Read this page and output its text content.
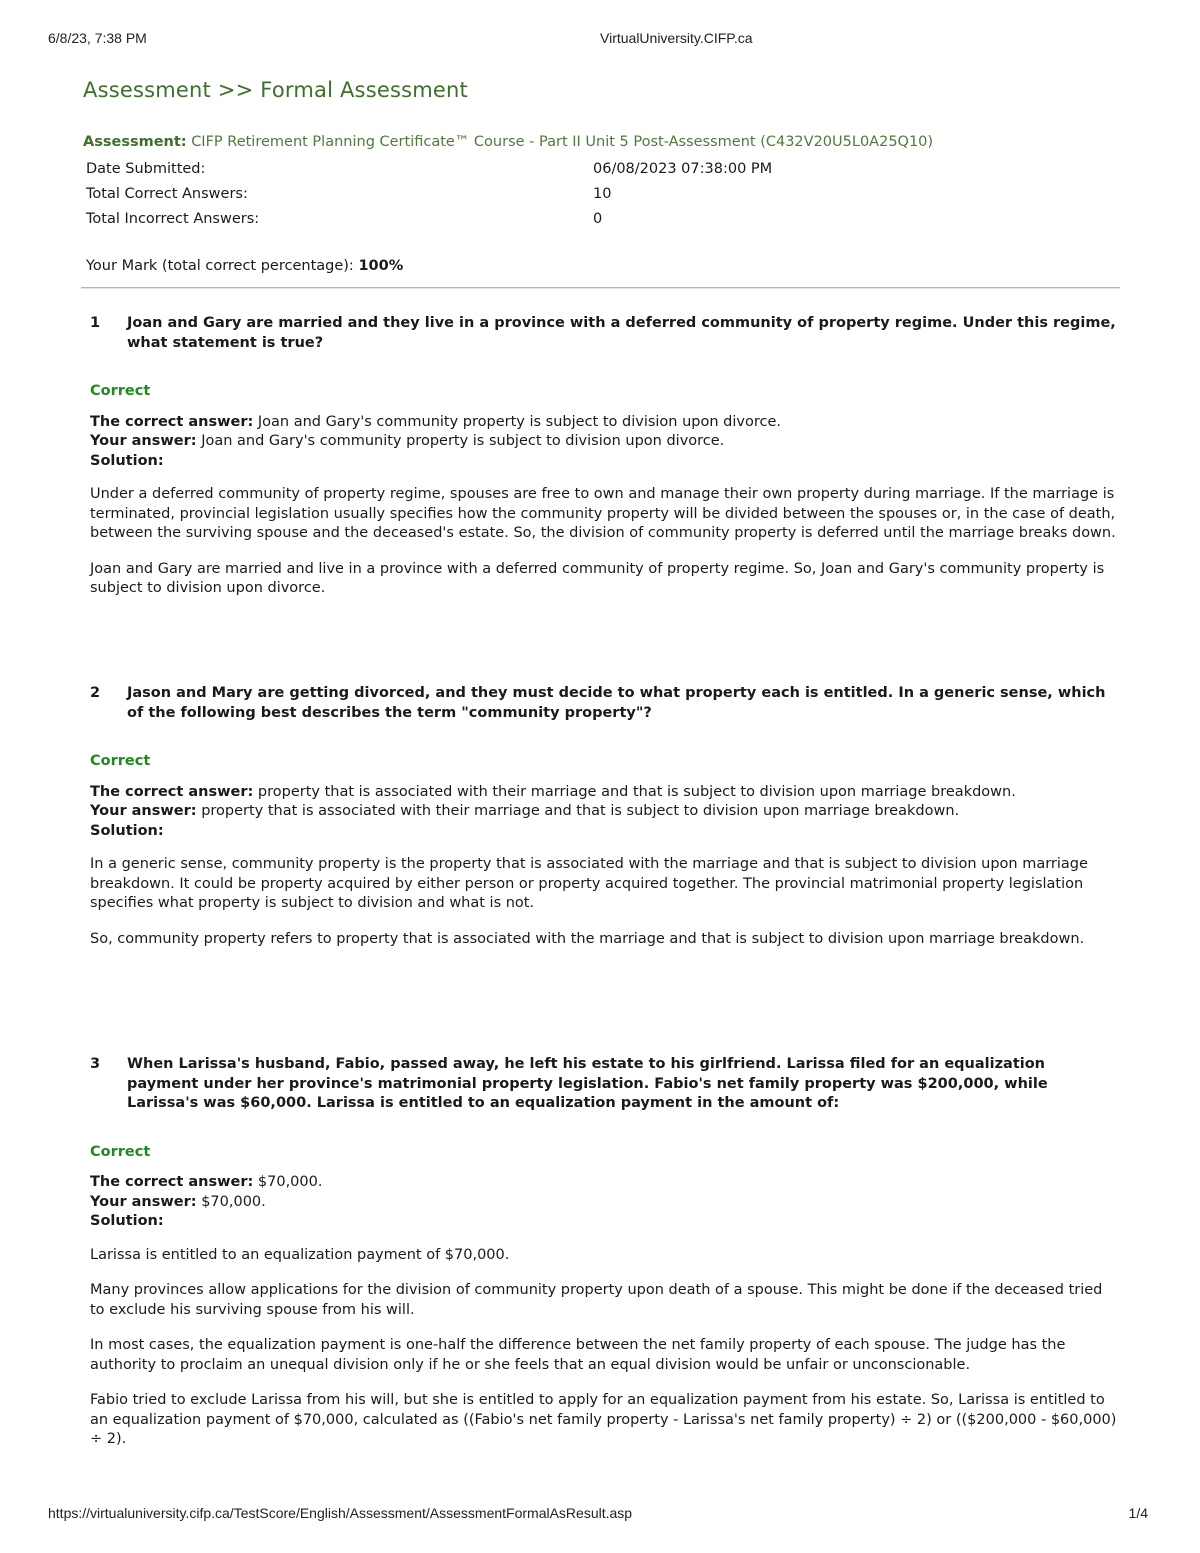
6/8/23, 7:38 PM	VirtualUniversity.CIFP.ca
Assessment >> Formal Assessment
Assessment: CIFP Retirement Planning Certificate™ Course - Part II Unit 5 Post-Assessment (C432V20U5L0A25Q10)
Date Submitted:	06/08/2023 07:38:00 PM
Total Correct Answers:	10
Total Incorrect Answers:	0
Your Mark (total correct percentage): 100%
1 Joan and Gary are married and they live in a province with a deferred community of property regime. Under this regime, what statement is true?
Correct
The correct answer: Joan and Gary's community property is subject to division upon divorce.
Your answer: Joan and Gary's community property is subject to division upon divorce.
Solution:

Under a deferred community of property regime, spouses are free to own and manage their own property during marriage. If the marriage is terminated, provincial legislation usually specifies how the community property will be divided between the spouses or, in the case of death, between the surviving spouse and the deceased's estate. So, the division of community property is deferred until the marriage breaks down.

Joan and Gary are married and live in a province with a deferred community of property regime. So, Joan and Gary's community property is subject to division upon divorce.

2 Jason and Mary are getting divorced, and they must decide to what property each is entitled. In a generic sense, which of the following best describes the term "community property"?
Correct
The correct answer: property that is associated with their marriage and that is subject to division upon marriage breakdown.
Your answer: property that is associated with their marriage and that is subject to division upon marriage breakdown.
Solution:

In a generic sense, community property is the property that is associated with the marriage and that is subject to division upon marriage breakdown. It could be property acquired by either person or property acquired together. The provincial matrimonial property legislation specifies what property is subject to division and what is not.

So, community property refers to property that is associated with the marriage and that is subject to division upon marriage breakdown.

3 When Larissa's husband, Fabio, passed away, he left his estate to his girlfriend. Larissa filed for an equalization payment under her province's matrimonial property legislation. Fabio's net family property was $200,000, while Larissa's was $60,000. Larissa is entitled to an equalization payment in the amount of:
Correct
The correct answer: $70,000.
Your answer: $70,000.
Solution:

Larissa is entitled to an equalization payment of $70,000.

Many provinces allow applications for the division of community property upon death of a spouse. This might be done if the deceased tried to exclude his surviving spouse from his will.

In most cases, the equalization payment is one-half the difference between the net family property of each spouse. The judge has the authority to proclaim an unequal division only if he or she feels that an equal division would be unfair or unconscionable.

Fabio tried to exclude Larissa from his will, but she is entitled to apply for an equalization payment from his estate. So, Larissa is entitled to an equalization payment of $70,000, calculated as ((Fabio's net family property - Larissa's net family property) ÷ 2) or (($200,000 - $60,000) ÷ 2).

https://virtualuniversity.cifp.ca/TestScore/English/Assessment/AssessmentFormalAsResult.asp	1/4
